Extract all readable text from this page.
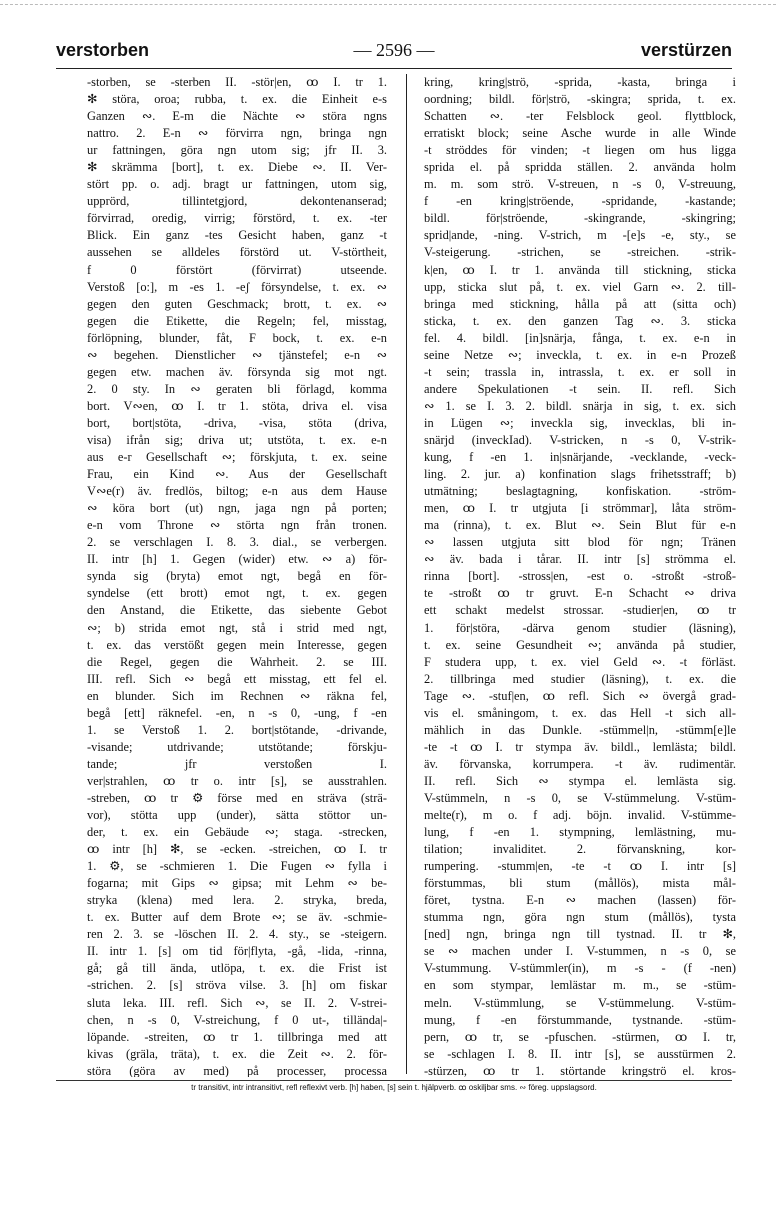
verstorben	— 2596 —	verstürzen
-storben, se -sterben II. -stör|en, ꝏ I. tr 1.
✻ störa, oroa; rubba, t. ex. die Einheit e-s
Ganzen ∾. E-m die Nächte ∾ störa ngns
nattro. 2. E-n ∾ förvirra ngn, bringa ngn
ur fattningen, göra ngn utom sig; jfr II. 3.
✻ skrämma [bort], t. ex. Diebe ∾. II. Ver-
stört pp. o. adj. bragt ur fattningen, utom sig,
upprörd, tillintetgjord, dekontenanserad;
förvirrad, oredig, virrig; förstörd, t. ex. -ter
Blick. Ein ganz -tes Gesicht haben, ganz -t
aussehen se alldeles förstörd ut. V-störtheit,
f 0 förstört (förvirrat) utseende.
Verstoß [o:], m -es 1. -eʃ försyndelse, t. ex. ∾
gegen den guten Geschmack; brott, t. ex. ∾
gegen die Etikette, die Regeln; fel, misstag,
förlöpning, blunder, fåt, F bock, t. ex. e-n
∾ begehen. Dienstlicher ∾ tjänstefel; e-n ∾
gegen etw. machen äv. försynda sig mot ngt.
2. 0 sty. In ∾ geraten bli förlagd, komma
bort. V∾en, ꝏ I. tr 1. stöta, driva el. visa
bort, bort|stöta, -driva, -visa, stöta (driva,
visa) ifrån sig; driva ut; utstöta, t. ex. e-n
aus e-r Gesellschaft ∾; förskjuta, t. ex. seine
Frau, ein Kind ∾. Aus der Gesellschaft
V∾e(r) äv. fredlös, biltog; e-n aus dem Hause
∾ köra bort (ut) ngn, jaga ngn på porten;
e-n vom Throne ∾ störta ngn från tronen.
2. se verschlagen I. 8. 3. dial., se verbergen.
II. intr [h] 1. Gegen (wider) etw. ∾ a) för-
synda sig (bryta) emot ngt, begå en för-
syndelse (ett brott) emot ngt, t. ex. gegen
den Anstand, die Etikette, das siebente Gebot
∾; b) strida emot ngt, stå i strid med ngt,
t. ex. das verstößt gegen mein Interesse, gegen
die Regel, gegen die Wahrheit. 2. se III.
III. refl. Sich ∾ begå ett misstag, ett fel el.
en blunder. Sich im Rechnen ∾ räkna fel,
begå [ett] räknefel. -en, n -s 0, -ung, f -en
1. se Verstoß 1. 2. bort|stötande, -drivande,
-visande; utdrivande; utstötande; förskju-
tande; jfr verstoßen I.
ver|strahlen, ꝏ tr o. intr [s], se ausstrahlen.
-streben, ꝏ tr ⚙ förse med en sträva (strä-
vor), stötta upp (under), sätta stöttor un-
der, t. ex. ein Gebäude ∾; staga. -strecken,
ꝏ intr [h] ✻, se -ecken. -streichen, ꝏ I. tr
1. ⚙, se -schmieren 1. Die Fugen ∾ fylla i
fogarna; mit Gips ∾ gipsa; mit Lehm ∾ be-
stryka (klena) med lera. 2. stryka, breda,
t. ex. Butter auf dem Brote ∾; se äv. -schmie-
ren 2. 3. se -löschen II. 2. 4. sty., se -steigern.
II. intr 1. [s] om tid för|flyta, -gå, -lida, -rinna,
gå; gå till ända, utlöpa, t. ex. die Frist ist
-strichen. 2. [s] ströva vilse. 3. [h] om fiskar
sluta leka. III. refl. Sich ∾, se II. 2. V-strei-
chen, n -s 0, V-streichung, f 0 ut-, tilländа|-
löpande. -streiten, ꝏ tr 1. tillbringa med att
kivas (gräla, träta), t. ex. die Zeit ∾. 2. för-
störa (göra av med) på processer, processa
kring, kring|strö, -sprida, -kasta, bringa i
oordning; bildl. för|strö, -skingra; sprida, t. ex.
Schatten ∾. -ter Felsblock geol. flyttblock,
erratiskt block; seine Asche wurde in alle Winde
-t ströddes för vinden; -t liegen om hus ligga
sprida el. på spridda ställen. 2. använda holm
m. m. som strö. V-streuen, n -s 0, V-streuung,
f -en kring|ströende, -spridande, -kastande;
bildl. för|ströende, -skingrande, -skingring;
sprid|ande, -ning. V-strich, m -[e]s -e, sty., se
V-steigerung. -strichen, se -streichen. -strik-
k|en, ꝏ I. tr 1. använda till stickning, sticka
upp, sticka slut på, t. ex. viel Garn ∾. 2. till-
bringa med stickning, hålla på att (sitta och)
sticka, t. ex. den ganzen Tag ∾. 3. sticka
fel. 4. bildl. [in]snärja, fånga, t. ex. e-n in
seine Netze ∾; inveckla, t. ex. in e-n Prozeß
-t sein; trassla in, intrassla, t. ex. er soll in
andere Spekulationen -t sein. II. refl. Sich
∾ 1. se I. 3. 2. bildl. snärja in sig, t. ex. sich
in Lügen ∾; inveckla sig, invecklas, bli in-
snärjd (inveckIad). V-stricken, n -s 0, V-strik-
kung, f -en 1. in|snärjande, -vecklande, -veck-
ling. 2. jur. a) konfination slags frihetsstraff; b)
utmätning; beslagtagning, konfiskation. -ström-
men, ꝏ I. tr utgjuta [i strömmar], låta ström-
ma (rinna), t. ex. Blut ∾. Sein Blut für e-n
∾ lassen utgjuta sitt blod för ngn; Tränen
∾ äv. bada i tårar. II. intr [s] strömma el.
rinna [bort]. -stross|en, -est o. -stroßt -stroß-
te -stroßt ꝏ tr gruvt. E-n Schacht ∾ driva
ett schakt medelst strossar. -studier|en, ꝏ tr
1. för|störa, -därva genom studier (läsning),
t. ex. seine Gesundheit ∾; använda på studier,
F studera upp, t. ex. viel Geld ∾. -t förläst.
2. tillbringa med studier (läsning), t. ex. die
Tage ∾. -stuf|en, ꝏ refl. Sich ∾ övergå grad-
vis el. småningom, t. ex. das Hell -t sich all-
mählich in das Dunkle. -stümmel|n, -stümm[e]le
-te -t ꝏ I. tr stympa äv. bildl., lemlästa; bildl.
äv. förvanska, korrumpera. -t äv. rudimentär.
II. refl. Sich ∾ stympa el. lemlästa sig.
V-stümmeln, n -s 0, se V-stümmelung. V-stüm-
melte(r), m o. f adj. böjn. invalid. V-stümme-
lung, f -en 1. stympning, lemlästning, mu-
tilation; invaliditet. 2. förvanskning, kor-
rumpering. -stumm|en, -te -t ꝏ I. intr [s]
förstummas, bli stum (mållös), mista mål-
föret, tystna. E-n ∾ machen (lassen) för-
stumma ngn, göra ngn stum (mållös), tysta
[ned] ngn, bringa ngn till tystnad. II. tr ✻,
se ∾ machen under I. V-stummen, n -s 0, se
V-stummung. V-stümmler(in), m -s - (f -nen)
en som stympar, lemlästar m. m., se -stüm-
meln. V-stümmlung, se V-stümmelung. V-stüm-
mung, f -en förstummande, tystnande. -stüm-
pern, ꝏ tr, se -pfuschen. -stürmen, ꝏ I. tr,
se -schlagen I. 8. II. intr [s], se ausstürmen 2.
-stürzen, ꝏ tr 1. störtande kringströ el. kros-
tr transitivt, intr intransitivt, refl reflexivt verb. [h] haben, [s] sein t. hjälpverb. ꝏ oskiljbar sms. ∾ föreg. uppslagsord.
